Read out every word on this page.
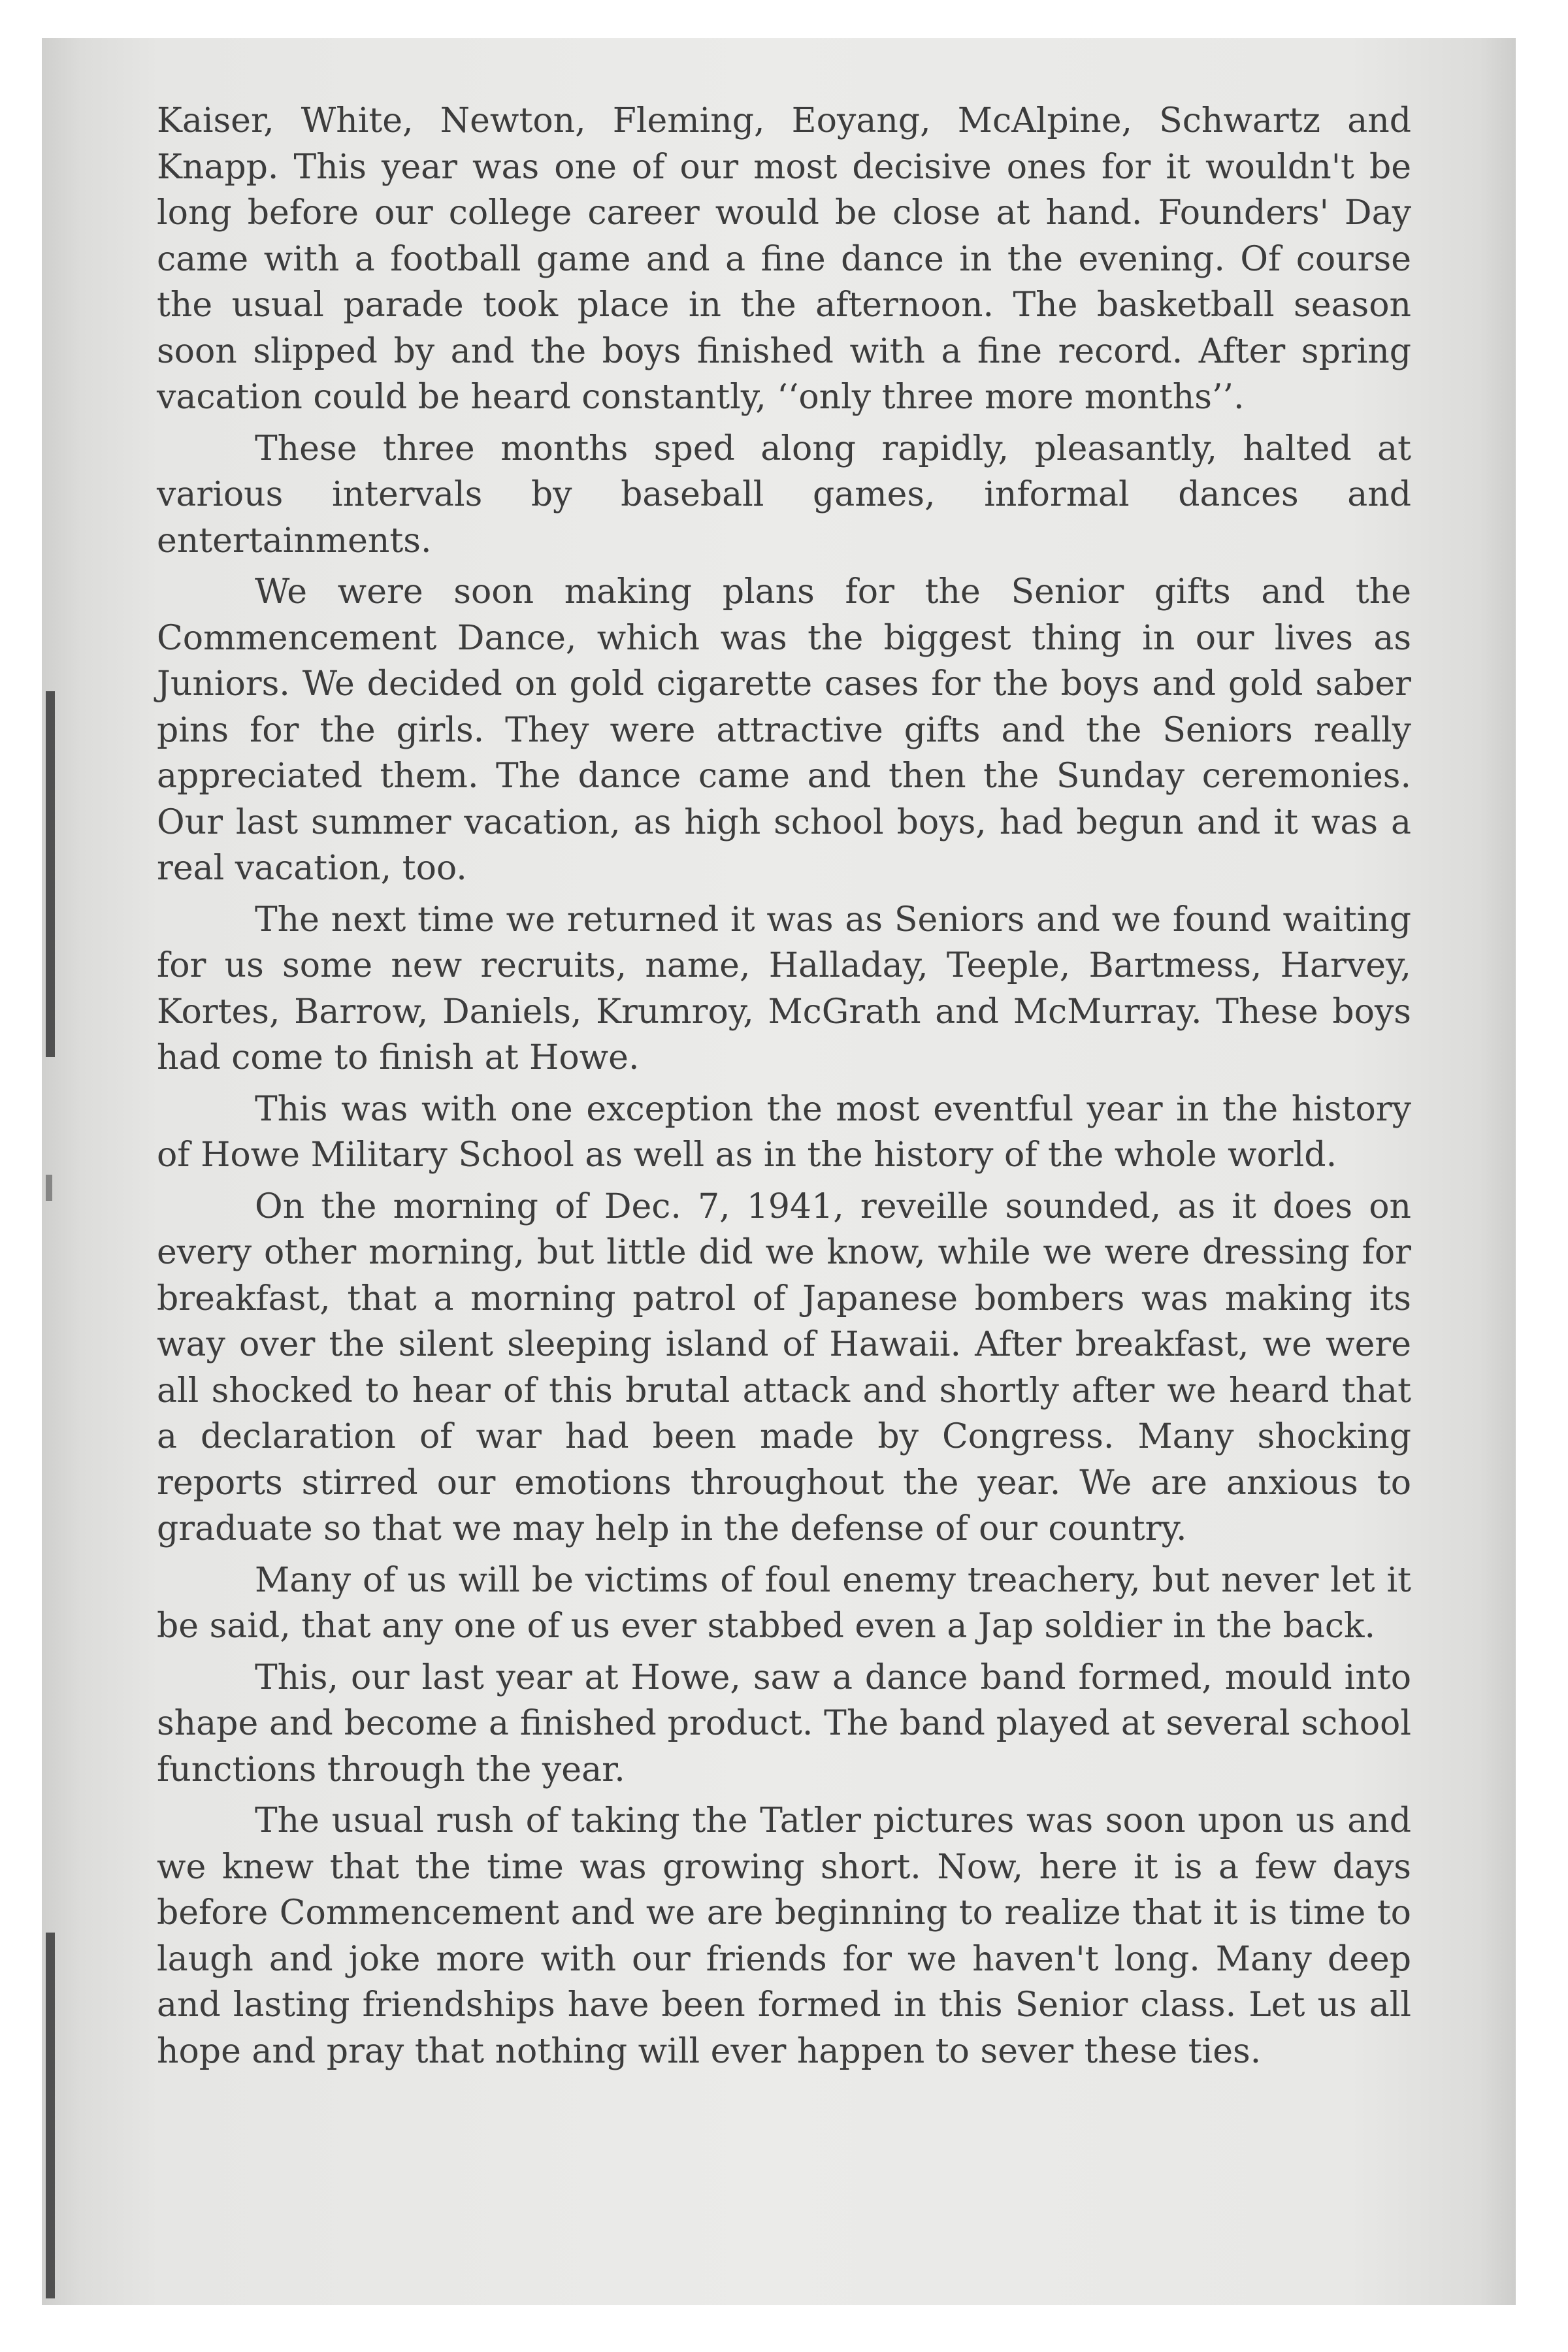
Kaiser, White, Newton, Fleming, Eoyang, McAlpine, Schwartz and Knapp. This year was one of our most decisive ones for it wouldn't be long before our college career would be close at hand. Founders' Day came with a football game and a fine dance in the evening. Of course the usual parade took place in the afternoon. The basketball season soon slipped by and the boys finished with a fine record. After spring vacation could be heard constantly, ‘‘only three more months’’.

These three months sped along rapidly, pleasantly, halted at various intervals by baseball games, informal dances and entertainments.

We were soon making plans for the Senior gifts and the Commencement Dance, which was the biggest thing in our lives as Juniors. We decided on gold cigarette cases for the boys and gold saber pins for the girls. They were attractive gifts and the Seniors really appreciated them. The dance came and then the Sunday ceremonies. Our last summer vacation, as high school boys, had begun and it was a real vacation, too.

The next time we returned it was as Seniors and we found waiting for us some new recruits, name, Halladay, Teeple, Bartmess, Harvey, Kortes, Barrow, Daniels, Krumroy, McGrath and McMurray. These boys had come to finish at Howe.

This was with one exception the most eventful year in the history of Howe Military School as well as in the history of the whole world.

On the morning of Dec. 7, 1941, reveille sounded, as it does on every other morning, but little did we know, while we were dressing for breakfast, that a morning patrol of Japanese bombers was making its way over the silent sleeping island of Hawaii. After breakfast, we were all shocked to hear of this brutal attack and shortly after we heard that a declaration of war had been made by Congress. Many shocking reports stirred our emotions throughout the year. We are anxious to graduate so that we may help in the defense of our country.

Many of us will be victims of foul enemy treachery, but never let it be said, that any one of us ever stabbed even a Jap soldier in the back.

This, our last year at Howe, saw a dance band formed, mould into shape and become a finished product. The band played at several school functions through the year.

The usual rush of taking the Tatler pictures was soon upon us and we knew that the time was growing short. Now, here it is a few days before Commencement and we are beginning to realize that it is time to laugh and joke more with our friends for we haven't long. Many deep and lasting friendships have been formed in this Senior class. Let us all hope and pray that nothing will ever happen to sever these ties.
